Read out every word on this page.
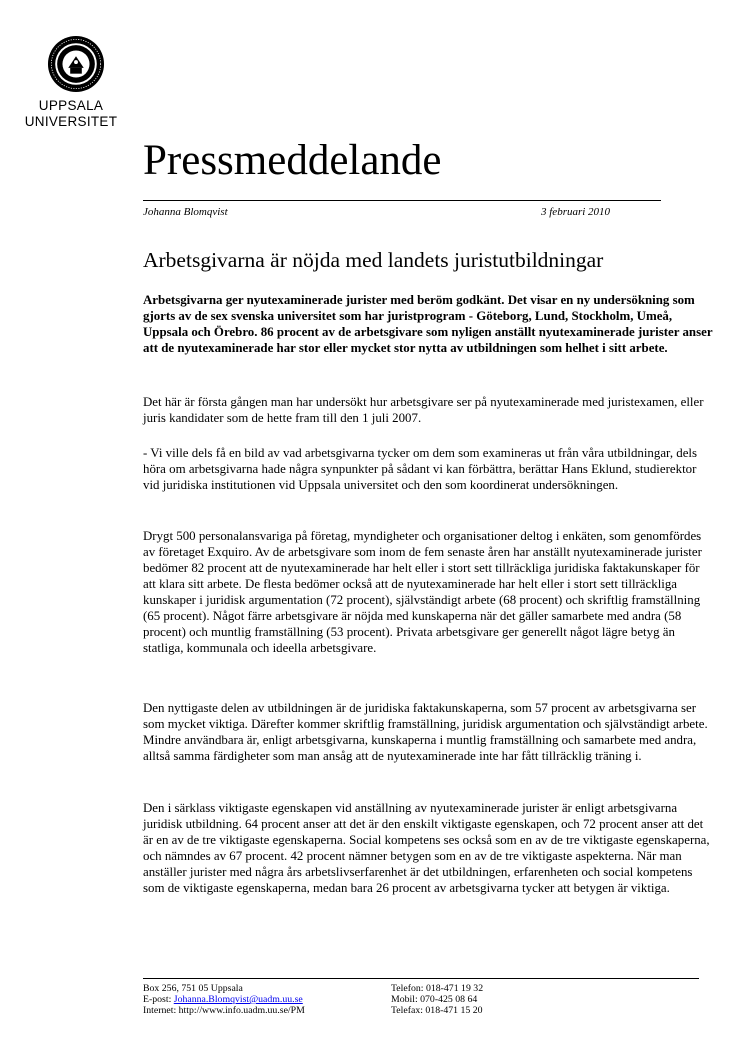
UPPSALA
UNIVERSITET
Pressmeddelande
Johanna Blomqvist	3 februari 2010
Arbetsgivarna är nöjda med landets juristutbildningar

Arbetsgivarna ger nyutexaminerade jurister med beröm godkänt. Det visar en ny undersökning som gjorts av de sex svenska universitet som har juristprogram - Göteborg, Lund, Stockholm, Umeå, Uppsala och Örebro. 86 procent av de arbetsgivare som nyligen anställt nyutexaminerade jurister anser att de nyutexaminerade har stor eller mycket stor nytta av utbildningen som helhet i sitt arbete.

Det här är första gången man har undersökt hur arbetsgivare ser på nyutexaminerade med juristexamen, eller juris kandidater som de hette fram till den 1 juli 2007.

- Vi ville dels få en bild av vad arbetsgivarna tycker om dem som examineras ut från våra utbildningar, dels höra om arbetsgivarna hade några synpunkter på sådant vi kan förbättra, berättar Hans Eklund, studierektor vid juridiska institutionen vid Uppsala universitet och den som koordinerat undersökningen.

Drygt 500 personalansvariga på företag, myndigheter och organisationer deltog i enkäten, som genomfördes av företaget Exquiro. Av de arbetsgivare som inom de fem senaste åren har anställt nyutexaminerade jurister bedömer 82 procent att de nyutexaminerade har helt eller i stort sett tillräckliga juridiska faktakunskaper för att klara sitt arbete. De flesta bedömer också att de nyutexaminerade har helt eller i stort sett tillräckliga kunskaper i juridisk argumentation (72 procent), självständigt arbete (68 procent) och skriftlig framställning (65 procent). Något färre arbetsgivare är nöjda med kunskaperna när det gäller samarbete med andra (58 procent) och muntlig framställning (53 procent). Privata arbetsgivare ger generellt något lägre betyg än statliga, kommunala och ideella arbetsgivare.

Den nyttigaste delen av utbildningen är de juridiska faktakunskaperna, som 57 procent av arbetsgivarna ser som mycket viktiga. Därefter kommer skriftlig framställning, juridisk argumentation och självständigt arbete. Mindre användbara är, enligt arbetsgivarna, kunskaperna i muntlig framställning och samarbete med andra, alltså samma färdigheter som man ansåg att de nyutexaminerade inte har fått tillräcklig träning i.

Den i särklass viktigaste egenskapen vid anställning av nyutexaminerade jurister är enligt arbetsgivarna juridisk utbildning. 64 procent anser att det är den enskilt viktigaste egenskapen, och 72 procent anser att det är en av de tre viktigaste egenskaperna. Social kompetens ses också som en av de tre viktigaste egenskaperna, och nämndes av 67 procent. 42 procent nämner betygen som en av de tre viktigaste aspekterna. När man anställer jurister med några års arbetslivserfarenhet är det utbildningen, erfarenheten och social kompetens som de viktigaste egenskaperna, medan bara 26 procent av arbetsgivarna tycker att betygen är viktiga.

Box 256, 751 05 Uppsala
E-post: Johanna.Blomqvist@uadm.uu.se
Internet: http://www.info.uadm.uu.se/PM
Telefon: 018-471 19 32
Mobil: 070-425 08 64
Telefax: 018-471 15 20
